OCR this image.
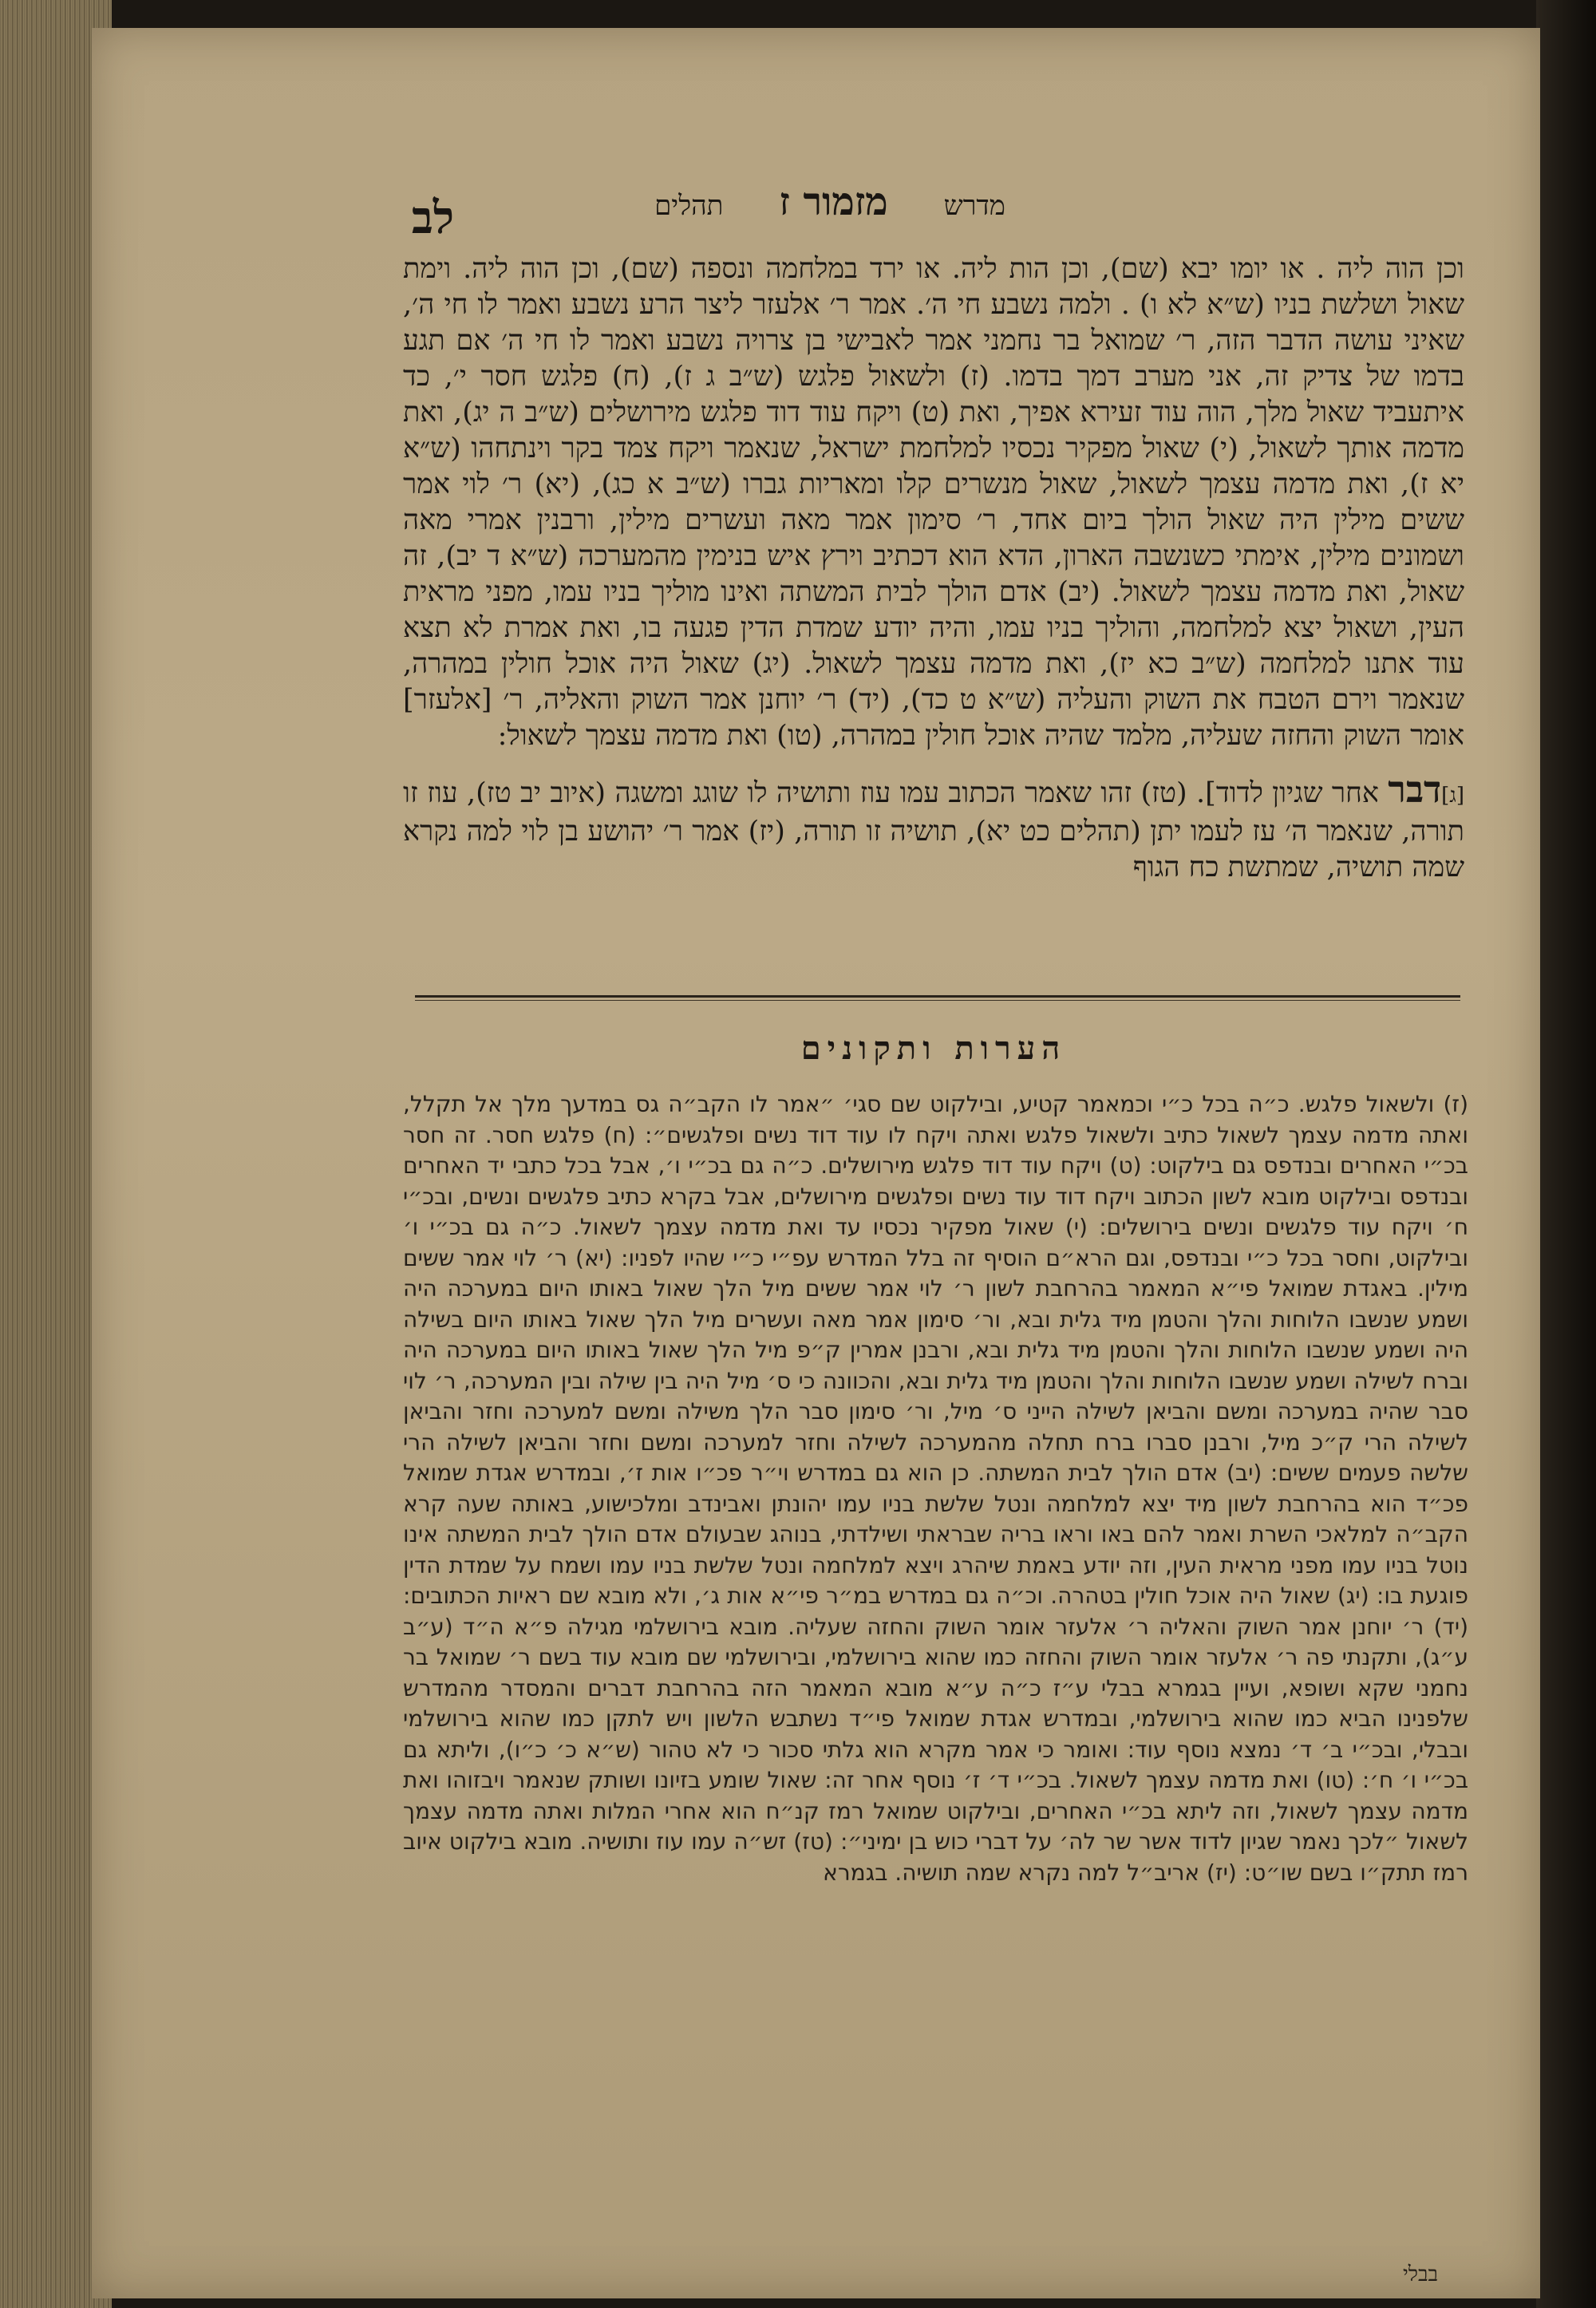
לב	מדרש
מזמור ז
תהלים

וכן הוה ליה . או יומו יבא (שם), וכן הות ליה. או ירד במלחמה ונספה (שם), וכן הוה ליה. וימת שאול ושלשת בניו (ש״א לא ו) . ולמה נשבע חי ה׳. אמר ר׳ אלעזר ליצר הרע נשבע ואמר לו חי ה׳, שאיני עושה הדבר הזה, ר׳ שמואל בר נחמני אמר לאבישי בן צרויה נשבע ואמר לו חי ה׳ אם תגע בדמו של צדיק זה, אני מערב דמך בדמו. (ז) ולשאול פלגש (ש״ב ג ז), (ח) פלגש חסר י׳, כד איתעביד שאול מלך, הוה עוד זעירא אפיך, ואת (ט) ויקח עוד דוד פלגש מירושלים (ש״ב ה יג), ואת מדמה אותך לשאול, (י) שאול מפקיר נכסיו למלחמת ישראל, שנאמר ויקח צמד בקר וינתחהו (ש״א יא ז), ואת מדמה עצמך לשאול, שאול מנשרים קלו ומאריות גברו (ש״ב א כג), (יא) ר׳ לוי אמר ששים מילין היה שאול הולך ביום אחד, ר׳ סימון אמר מאה ועשרים מילין, ורבנין אמרי מאה ושמונים מילין, אימתי כשנשבה הארון, הדא הוא דכתיב וירץ איש בנימין מהמערכה (ש״א ד יב), זה שאול, ואת מדמה עצמך לשאול. (יב) אדם הולך לבית המשתה ואינו מוליך בניו עמו, מפני מראית העין, ושאול יצא למלחמה, והוליך בניו עמו, והיה יודע שמדת הדין פגעה בו, ואת אמרת לא תצא עוד אתנו למלחמה (ש״ב כא יז), ואת מדמה עצמך לשאול. (יג) שאול היה אוכל חולין במהרה, שנאמר וירם הטבח את השוק והעליה (ש״א ט כד), (יד) ר׳ יוחנן אמר השוק והאליה, ר׳ [אלעזר] אומר השוק והחזה שעליה, מלמד שהיה אוכל חולין במהרה, (טו) ואת מדמה עצמך לשאול:

[ג]דבר אחר שגיון לדוד]. (טז) זהו שאמר הכתוב עמו עוז ותושיה לו שוגג ומשגה (איוב יב טז), עוז זו תורה, שנאמר ה׳ עז לעמו יתן (תהלים כט יא), תושיה זו תורה, (יז) אמר ר׳ יהושע בן לוי למה נקרא שמה תושיה, שמתשת כח הגוף

הערות ותקונים

(ז) ולשאול פלגש. כ״ה בכל כ״י וכמאמר קטיע, ובילקוט שם סגי׳ ״אמר לו הקב״ה גס במדעך מלך אל תקלל, ואתה מדמה עצמך לשאול כתיב ולשאול פלגש ואתה ויקח לו עוד דוד נשים ופלגשים״: (ח) פלגש חסר. זה חסר בכ״י האחרים ובנדפס גם בילקוט: (ט) ויקח עוד דוד פלגש מירושלים. כ״ה גם בכ״י ו׳, אבל בכל כתבי יד האחרים ובנדפס ובילקוט מובא לשון הכתוב ויקח דוד עוד נשים ופלגשים מירושלים, אבל בקרא כתיב פלגשים ונשים, ובכ״י ח׳ ויקח עוד פלגשים ונשים בירושלים: (י) שאול מפקיר נכסיו עד ואת מדמה עצמך לשאול. כ״ה גם בכ״י ו׳ ובילקוט, וחסר בכל כ״י ובנדפס, וגם הרא״ם הוסיף זה בלל המדרש עפ״י כ״י שהיו לפניו: (יא) ר׳ לוי אמר ששים מילין. באגדת שמואל פי״א המאמר בהרחבת לשון ר׳ לוי אמר ששים מיל הלך שאול באותו היום במערכה היה ושמע שנשבו הלוחות והלך והטמן מיד גלית ובא, ור׳ סימון אמר מאה ועשרים מיל הלך שאול באותו היום בשילה היה ושמע שנשבו הלוחות והלך והטמן מיד גלית ובא, ורבנן אמרין ק״פ מיל הלך שאול באותו היום במערכה היה וברח לשילה ושמע שנשבו הלוחות והלך והטמן מיד גלית ובא, והכוונה כי ס׳ מיל היה בין שילה ובין המערכה, ר׳ לוי סבר שהיה במערכה ומשם והביאן לשילה הייני ס׳ מיל, ור׳ סימון סבר הלך משילה ומשם למערכה וחזר והביאן לשילה הרי ק״כ מיל, ורבנן סברו ברח תחלה מהמערכה לשילה וחזר למערכה ומשם וחזר והביאן לשילה הרי שלשה פעמים ששים: (יב) אדם הולך לבית המשתה. כן הוא גם במדרש וי״ר פכ״ו אות ז׳, ובמדרש אגדת שמואל פכ״ד הוא בהרחבת לשון מיד יצא למלחמה ונטל שלשת בניו עמו יהונתן ואבינדב ומלכישוע, באותה שעה קרא הקב״ה למלאכי השרת ואמר להם באו וראו בריה שבראתי ושילדתי, בנוהג שבעולם אדם הולך לבית המשתה אינו נוטל בניו עמו מפני מראית העין, וזה יודע באמת שיהרג ויצא למלחמה ונטל שלשת בניו עמו ושמח על שמדת הדין פוגעת בו: (יג) שאול היה אוכל חולין בטהרה. וכ״ה גם במדרש במ״ר פי״א אות ג׳, ולא מובא שם ראיות הכתובים: (יד) ר׳ יוחנן אמר השוק והאליה ר׳ אלעזר אומר השוק והחזה שעליה. מובא בירושלמי מגילה פ״א ה״ד (ע״ב ע״ג), ותקנתי פה ר׳ אלעזר אומר השוק והחזה כמו שהוא בירושלמי, ובירושלמי שם מובא עוד בשם ר׳ שמואל בר נחמני שקא ושופא, ועיין בגמרא בבלי ע״ז כ״ה ע״א מובא המאמר הזה בהרחבת דברים והמסדר מהמדרש שלפנינו הביא כמו שהוא בירושלמי, ובמדרש אגדת שמואל פי״ד נשתבש הלשון ויש לתקן כמו שהוא בירושלמי ובבלי, ובכ״י ב׳ ד׳ נמצא נוסף עוד: ואומר כי אמר מקרא הוא גלתי סכור כי לא טהור (ש״א כ׳ כ״ו), וליתא גם בכ״י ו׳ ח׳: (טו) ואת מדמה עצמך לשאול. בכ״י ד׳ ז׳ נוסף אחר זה: שאול שומע בזיונו ושותק שנאמר ויבזוהו ואת מדמה עצמך לשאול, וזה ליתא בכ״י האחרים, ובילקוט שמואל רמז קנ״ח הוא אחרי המלות ואתה מדמה עצמך לשאול ״לכך נאמר שגיון לדוד אשר שר לה׳ על דברי כוש בן ימיני״: (טז) זש״ה עמו עוז ותושיה. מובא בילקוט איוב רמז תתק״ו בשם שו״ט: (יז) אריב״ל למה נקרא שמה תושיה. בגמרא

בבלי
